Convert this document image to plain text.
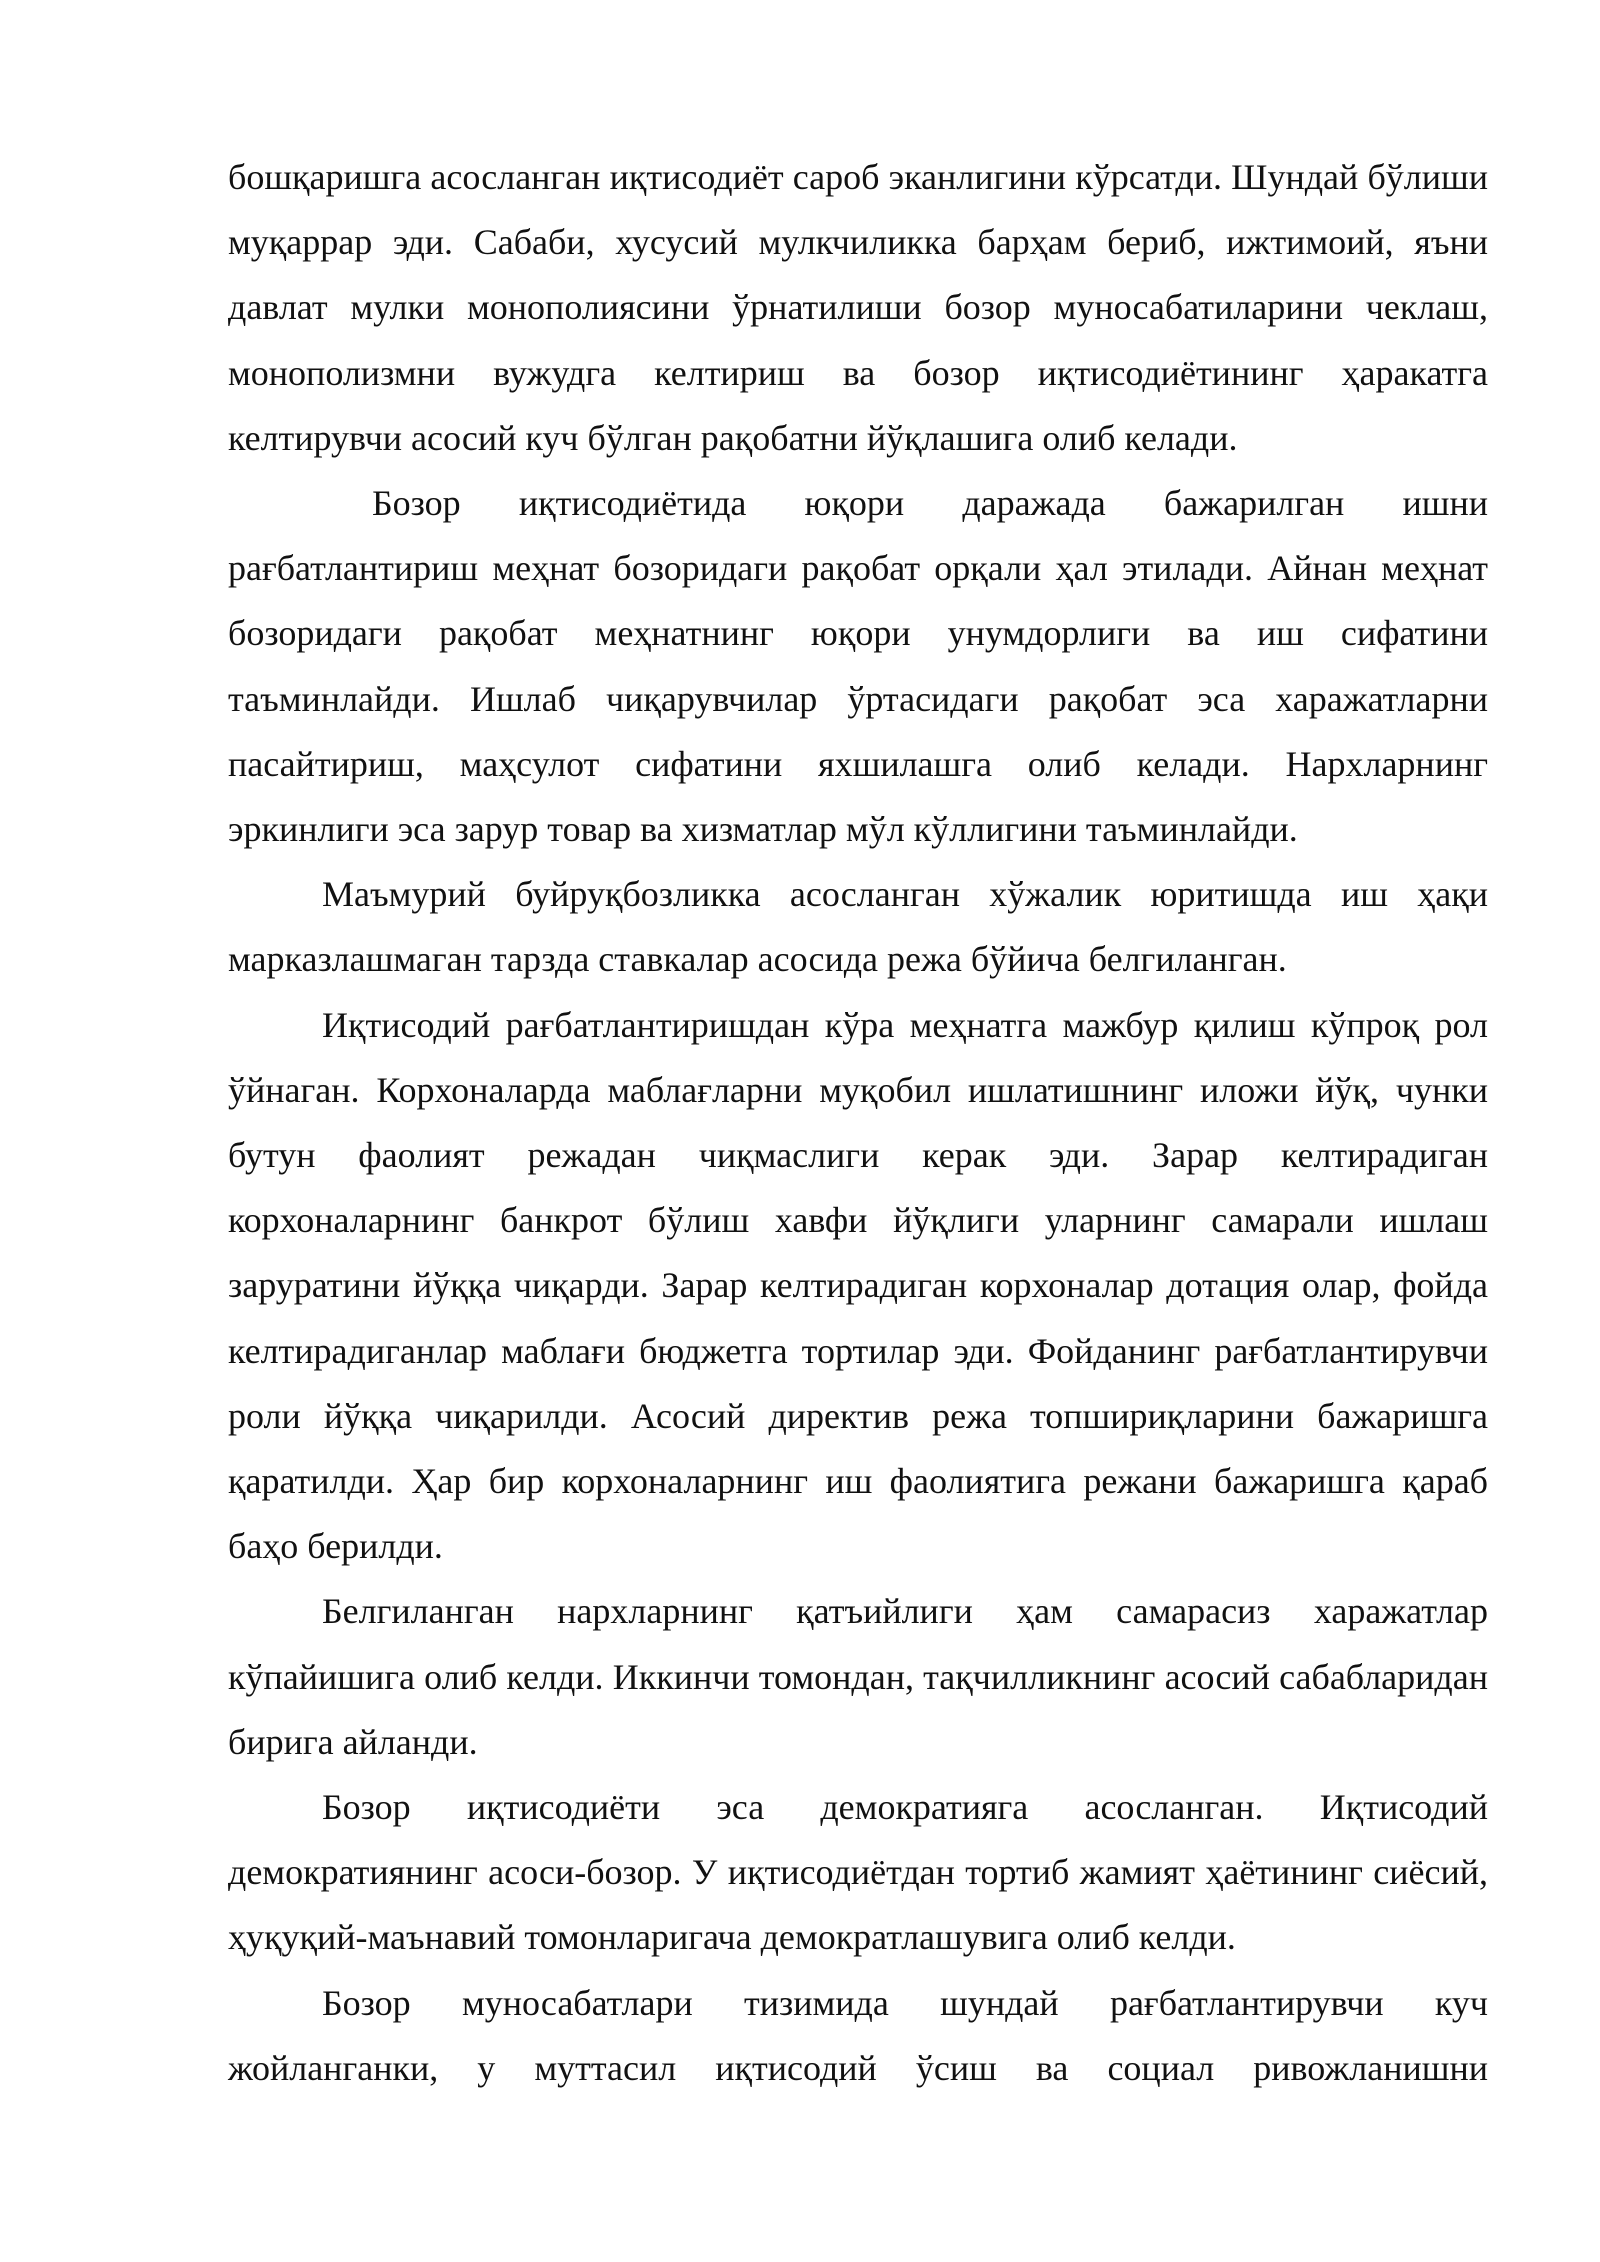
бошқаришга асосланган иқтисодиёт сароб эканлигини кўрсатди. Шундай бўлиши муқаррар эди. Сабаби, хусусий мулкчиликка барҳам бериб, ижтимоий, яъни давлат мулки монополиясини ўрнатилиши бозор муносабатиларини чеклаш, монополизмни вужудга келтириш ва бозор иқтисодиётининг ҳаракатга келтирувчи асосий куч бўлган рақобатни йўқлашига олиб келади.

Бозор иқтисодиётида юқори даражада бажарилган ишни рағбатлантириш меҳнат бозоридаги рақобат орқали ҳал этилади. Айнан меҳнат бозоридаги рақобат меҳнатнинг юқори унумдорлиги ва иш сифатини таъминлайди. Ишлаб чиқарувчилар ўртасидаги рақобат эса харажатларни пасайтириш, маҳсулот сифатини яхшилашга олиб келади. Нархларнинг эркинлиги эса зарур товар ва хизматлар мўл кўллигини таъминлайди.

Маъмурий буйруқбозликка асосланган хўжалик юритишда иш ҳақи марказлашмаган тарзда ставкалар асосида режа бўйича белгиланган.

Иқтисодий рағбатлантиришдан кўра меҳнатга мажбур қилиш кўпроқ рол ўйнаган. Корхоналарда маблағларни муқобил ишлатишнинг иложи йўқ, чунки бутун фаолият режадан чиқмаслиги керак эди. Зарар келтирадиган корхоналарнинг банкрот бўлиш хавфи йўқлиги уларнинг самарали ишлаш заруратини йўққа чиқарди. Зарар келтирадиган корхоналар дотация олар, фойда келтирадиганлар маблағи бюджетга тортилар эди. Фойданинг рағбатлантирувчи роли йўққа чиқарилди. Асосий директив режа топшириқларини бажаришга қаратилди. Ҳар бир корхоналарнинг иш фаолиятига режани бажаришга қараб баҳо берилди.

Белгиланган нархларнинг қатъийлиги ҳам самарасиз харажатлар кўпайишига олиб келди. Иккинчи томондан, тақчилликнинг асосий сабабларидан бирига айланди.

Бозор иқтисодиёти эса демократияга асосланган. Иқтисодий демократиянинг асоси-бозор. У иқтисодиётдан тортиб жамият ҳаётининг сиёсий, ҳуқуқий-маънавий томонларигача демократлашувига олиб келди.

Бозор муносабатлари тизимида шундай рағбатлантирувчи куч жойланганки, у муттасил иқтисодий ўсиш ва социал ривожланишни
